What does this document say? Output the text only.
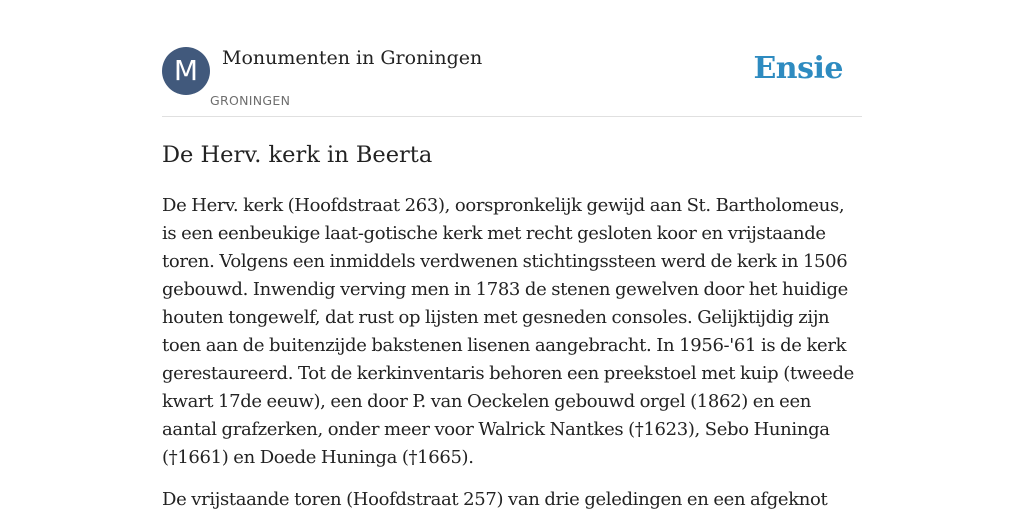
M	Monumenten in Groningen
GRONINGEN
Ensie
De Herv. kerk in Beerta

De Herv. kerk (Hoofdstraat 263), oorspronkelijk gewijd aan St. Bartholomeus, is een eenbeukige laat-gotische kerk met recht gesloten koor en vrijstaande toren. Volgens een inmiddels verdwenen stichtingssteen werd de kerk in 1506 gebouwd. Inwendig verving men in 1783 de stenen gewelven door het huidige houten tongewelf, dat rust op lijsten met gesneden consoles. Gelijktijdig zijn toen aan de buitenzijde bakstenen lisenen aangebracht. In 1956-'61 is de kerk gerestaureerd. Tot de kerkinventaris behoren een preekstoel met kuip (tweede kwart 17de eeuw), een door P. van Oeckelen gebouwd orgel (1862) en een aantal grafzerken, onder meer voor Walrick Nantkes (†1623), Sebo Huninga (†1661) en Doede Huninga (†1665).

De vrijstaande toren (Hoofdstraat 257) van drie geledingen en een afgeknot
